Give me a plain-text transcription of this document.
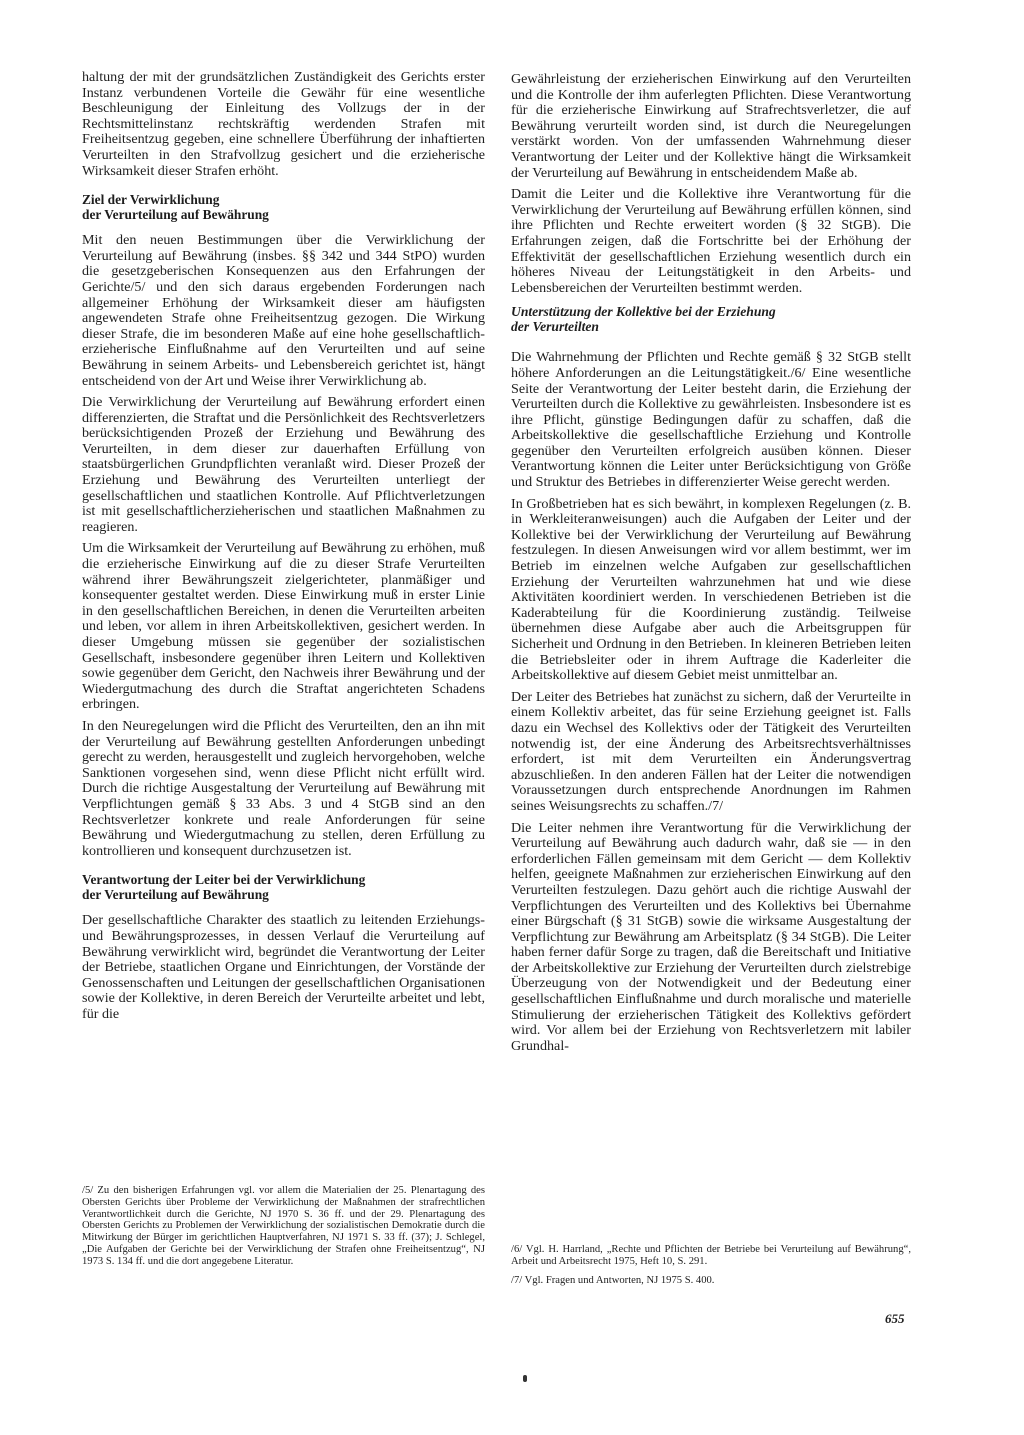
haltung der mit der grundsätzlichen Zuständigkeit des Gerichts erster Instanz verbundenen Vorteile die Gewähr für eine wesentliche Beschleunigung der Einleitung des Vollzugs der in der Rechtsmittelinstanz rechtskräftig werdenden Strafen mit Freiheitsentzug gegeben, eine schnellere Überführung der inhaftierten Verurteilten in den Strafvollzug gesichert und die erzieherische Wirksamkeit dieser Strafen erhöht.

Ziel der Verwirklichung
der Verurteilung auf Bewährung

Mit den neuen Bestimmungen über die Verwirklichung der Verurteilung auf Bewährung (insbes. §§ 342 und 344 StPO) wurden die gesetzgeberischen Konsequenzen aus den Erfahrungen der Gerichte/5/ und den sich daraus ergebenden Forderungen nach allgemeiner Erhöhung der Wirksamkeit dieser am häufigsten angewendeten Strafe ohne Freiheitsentzug gezogen. Die Wirkung dieser Strafe, die im besonderen Maße auf eine hohe gesellschaftlich-erzieherische Einflußnahme auf den Verurteilten und auf seine Bewährung in seinem Arbeits- und Lebensbereich gerichtet ist, hängt entscheidend von der Art und Weise ihrer Verwirklichung ab.

Die Verwirklichung der Verurteilung auf Bewährung erfordert einen differenzierten, die Straftat und die Persönlichkeit des Rechtsverletzers berücksichtigenden Prozeß der Erziehung und Bewährung des Verurteilten, in dem dieser zur dauerhaften Erfüllung von staatsbürgerlichen Grundpflichten veranlaßt wird. Dieser Prozeß der Erziehung und Bewährung des Verurteilten unterliegt der gesellschaftlichen und staatlichen Kontrolle. Auf Pflichtverletzungen ist mit gesellschaftlicherzieherischen und staatlichen Maßnahmen zu reagieren.

Um die Wirksamkeit der Verurteilung auf Bewährung zu erhöhen, muß die erzieherische Einwirkung auf die zu dieser Strafe Verurteilten während ihrer Bewährungszeit zielgerichteter, planmäßiger und konsequenter gestaltet werden. Diese Einwirkung muß in erster Linie in den gesellschaftlichen Bereichen, in denen die Verurteilten arbeiten und leben, vor allem in ihren Arbeitskollektiven, gesichert werden. In dieser Umgebung müssen sie gegenüber der sozialistischen Gesellschaft, insbesondere gegenüber ihren Leitern und Kollektiven sowie gegenüber dem Gericht, den Nachweis ihrer Bewährung und der Wiedergutmachung des durch die Straftat angerichteten Schadens erbringen.

In den Neuregelungen wird die Pflicht des Verurteilten, den an ihn mit der Verurteilung auf Bewährung gestellten Anforderungen unbedingt gerecht zu werden, herausgestellt und zugleich hervorgehoben, welche Sanktionen vorgesehen sind, wenn diese Pflicht nicht erfüllt wird. Durch die richtige Ausgestaltung der Verurteilung auf Bewährung mit Verpflichtungen gemäß § 33 Abs. 3 und 4 StGB sind an den Rechtsverletzer konkrete und reale Anforderungen für seine Bewährung und Wiedergutmachung zu stellen, deren Erfüllung zu kontrollieren und konsequent durchzusetzen ist.

Verantwortung der Leiter bei der Verwirklichung
der Verurteilung auf Bewährung

Der gesellschaftliche Charakter des staatlich zu leitenden Erziehungs- und Bewährungsprozesses, in dessen Verlauf die Verurteilung auf Bewährung verwirklicht wird, begründet die Verantwortung der Leiter der Betriebe, staatlichen Organe und Einrichtungen, der Vorstände der Genossenschaften und Leitungen der gesellschaftlichen Organisationen sowie der Kollektive, in deren Bereich der Verurteilte arbeitet und lebt, für die

Gewährleistung der erzieherischen Einwirkung auf den Verurteilten und die Kontrolle der ihm auferlegten Pflichten. Diese Verantwortung für die erzieherische Einwirkung auf Strafrechtsverletzer, die auf Bewährung verurteilt worden sind, ist durch die Neuregelungen verstärkt worden. Von der umfassenden Wahrnehmung dieser Verantwortung der Leiter und der Kollektive hängt die Wirksamkeit der Verurteilung auf Bewährung in entscheidendem Maße ab.

Damit die Leiter und die Kollektive ihre Verantwortung für die Verwirklichung der Verurteilung auf Bewährung erfüllen können, sind ihre Pflichten und Rechte erweitert worden (§ 32 StGB). Die Erfahrungen zeigen, daß die Fortschritte bei der Erhöhung der Effektivität der gesellschaftlichen Erziehung wesentlich durch ein höheres Niveau der Leitungstätigkeit in den Arbeits- und Lebensbereichen der Verurteilten bestimmt werden.

Unterstützung der Kollektive bei der Erziehung
der Verurteilten

Die Wahrnehmung der Pflichten und Rechte gemäß § 32 StGB stellt höhere Anforderungen an die Leitungstätigkeit./6/ Eine wesentliche Seite der Verantwortung der Leiter besteht darin, die Erziehung der Verurteilten durch die Kollektive zu gewährleisten. Insbesondere ist es ihre Pflicht, günstige Bedingungen dafür zu schaffen, daß die Arbeitskollektive die gesellschaftliche Erziehung und Kontrolle gegenüber den Verurteilten erfolgreich ausüben können. Dieser Verantwortung können die Leiter unter Berücksichtigung von Größe und Struktur des Betriebes in differenzierter Weise gerecht werden.

In Großbetrieben hat es sich bewährt, in komplexen Regelungen (z. B. in Werkleiteranweisungen) auch die Aufgaben der Leiter und der Kollektive bei der Verwirklichung der Verurteilung auf Bewährung festzulegen. In diesen Anweisungen wird vor allem bestimmt, wer im Betrieb im einzelnen welche Aufgaben zur gesellschaftlichen Erziehung der Verurteilten wahrzunehmen hat und wie diese Aktivitäten koordiniert werden. In verschiedenen Betrieben ist die Kaderabteilung für die Koordinierung zuständig. Teilweise übernehmen diese Aufgabe aber auch die Arbeitsgruppen für Sicherheit und Ordnung in den Betrieben. In kleineren Betrieben leiten die Betriebsleiter oder in ihrem Auftrage die Kaderleiter die Arbeitskollektive auf diesem Gebiet meist unmittelbar an.

Der Leiter des Betriebes hat zunächst zu sichern, daß der Verurteilte in einem Kollektiv arbeitet, das für seine Erziehung geeignet ist. Falls dazu ein Wechsel des Kollektivs oder der Tätigkeit des Verurteilten notwendig ist, der eine Änderung des Arbeitsrechtsverhältnisses erfordert, ist mit dem Verurteilten ein Änderungsvertrag abzuschließen. In den anderen Fällen hat der Leiter die notwendigen Voraussetzungen durch entsprechende Anordnungen im Rahmen seines Weisungsrechts zu schaffen./7/

Die Leiter nehmen ihre Verantwortung für die Verwirklichung der Verurteilung auf Bewährung auch dadurch wahr, daß sie — in den erforderlichen Fällen gemeinsam mit dem Gericht — dem Kollektiv helfen, geeignete Maßnahmen zur erzieherischen Einwirkung auf den Verurteilten festzulegen. Dazu gehört auch die richtige Auswahl der Verpflichtungen des Verurteilten und des Kollektivs bei Übernahme einer Bürgschaft (§ 31 StGB) sowie die wirksame Ausgestaltung der Verpflichtung zur Bewährung am Arbeitsplatz (§ 34 StGB). Die Leiter haben ferner dafür Sorge zu tragen, daß die Bereitschaft und Initiative der Arbeitskollektive zur Erziehung der Verurteilten durch zielstrebige Überzeugung von der Notwendigkeit und der Bedeutung einer gesellschaftlichen Einflußnahme und durch moralische und materielle Stimulierung der erzieherischen Tätigkeit des Kollektivs gefördert wird. Vor allem bei der Erziehung von Rechtsverletzern mit labiler Grundhal-

/5/ Zu den bisherigen Erfahrungen vgl. vor allem die Materialien der 25. Plenartagung des Obersten Gerichts über Probleme der Verwirklichung der Maßnahmen der strafrechtlichen Verantwortlichkeit durch die Gerichte, NJ 1970 S. 36 ff. und der 29. Plenartagung des Obersten Gerichts zu Problemen der Verwirklichung der sozialistischen Demokratie durch die Mitwirkung der Bürger im gerichtlichen Hauptverfahren, NJ 1971 S. 33 ff. (37); J. Schlegel, „Die Aufgaben der Gerichte bei der Verwirklichung der Strafen ohne Freiheitsentzug“, NJ 1973 S. 134 ff. und die dort angegebene Literatur.

/6/ Vgl. H. Harrland, „Rechte und Pflichten der Betriebe bei Verurteilung auf Bewährung“, Arbeit und Arbeitsrecht 1975, Heft 10, S. 291.

/7/ Vgl. Fragen und Antworten, NJ 1975 S. 400.

655
